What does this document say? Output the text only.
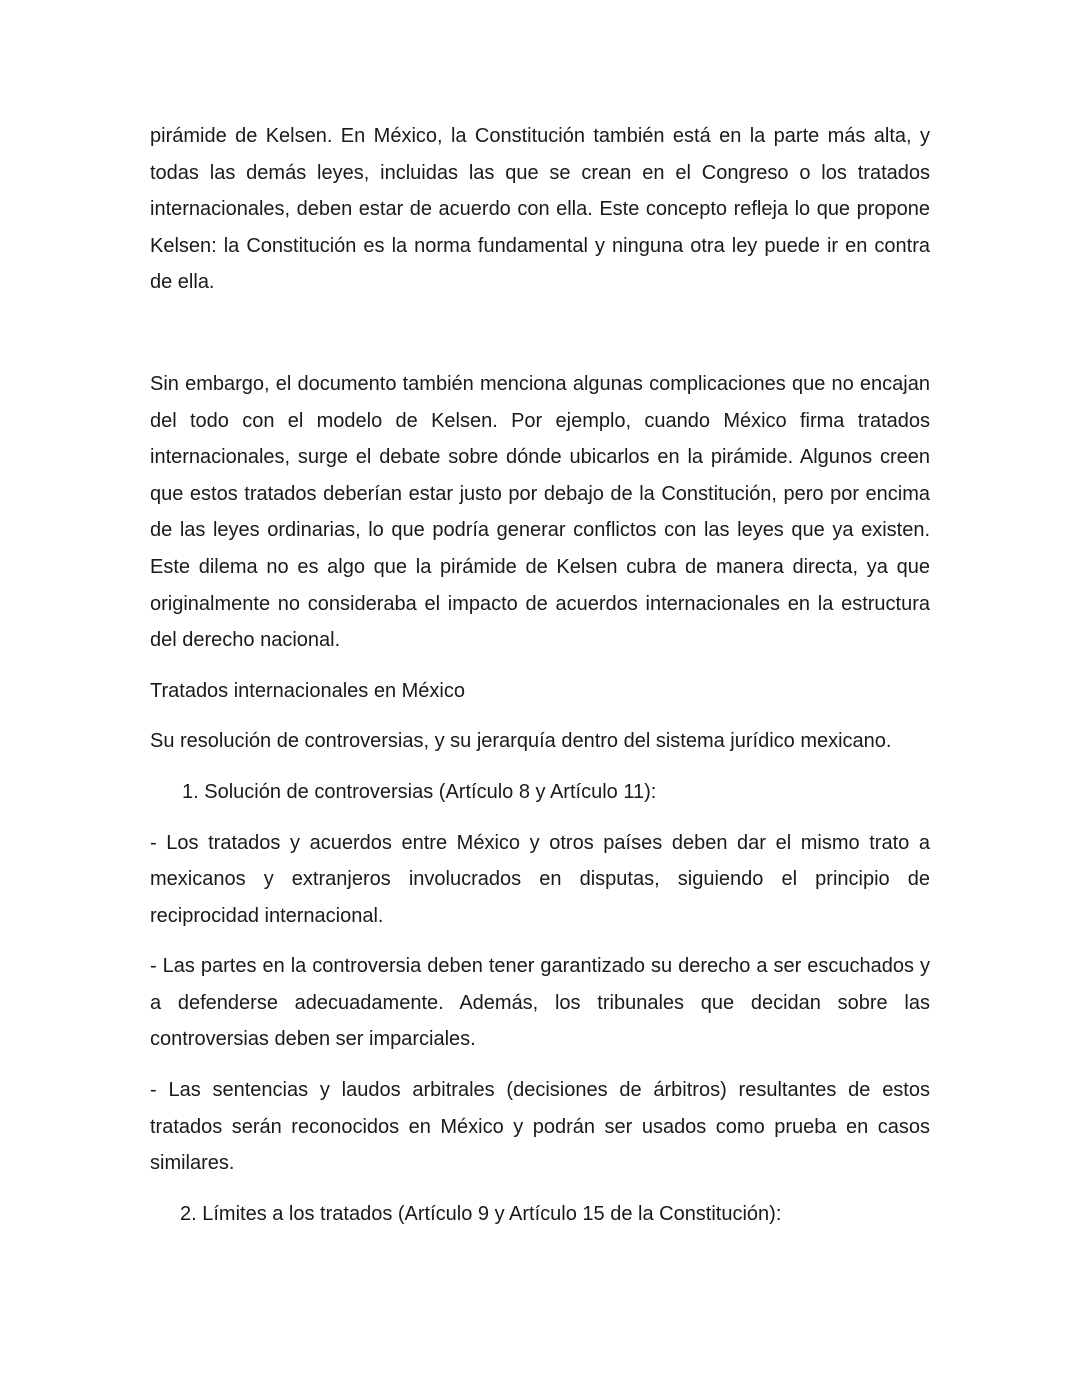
pirámide de Kelsen. En México, la Constitución también está en la parte más alta, y todas las demás leyes, incluidas las que se crean en el Congreso o los tratados internacionales, deben estar de acuerdo con ella. Este concepto refleja lo que propone Kelsen: la Constitución es la norma fundamental y ninguna otra ley puede ir en contra de ella.

Sin embargo, el documento también menciona algunas complicaciones que no encajan del todo con el modelo de Kelsen. Por ejemplo, cuando México firma tratados internacionales, surge el debate sobre dónde ubicarlos en la pirámide. Algunos creen que estos tratados deberían estar justo por debajo de la Constitución, pero por encima de las leyes ordinarias, lo que podría generar conflictos con las leyes que ya existen. Este dilema no es algo que la pirámide de Kelsen cubra de manera directa, ya que originalmente no consideraba el impacto de acuerdos internacionales en la estructura del derecho nacional.

Tratados internacionales en México

Su resolución de controversias, y su jerarquía dentro del sistema jurídico mexicano.

1. Solución de controversias (Artículo 8 y Artículo 11):

- Los tratados y acuerdos entre México y otros países deben dar el mismo trato a mexicanos y extranjeros involucrados en disputas, siguiendo el principio de reciprocidad internacional.

- Las partes en la controversia deben tener garantizado su derecho a ser escuchados y a defenderse adecuadamente. Además, los tribunales que decidan sobre las controversias deben ser imparciales.

- Las sentencias y laudos arbitrales (decisiones de árbitros) resultantes de estos tratados serán reconocidos en México y podrán ser usados como prueba en casos similares.

2. Límites a los tratados (Artículo 9 y Artículo 15 de la Constitución):
